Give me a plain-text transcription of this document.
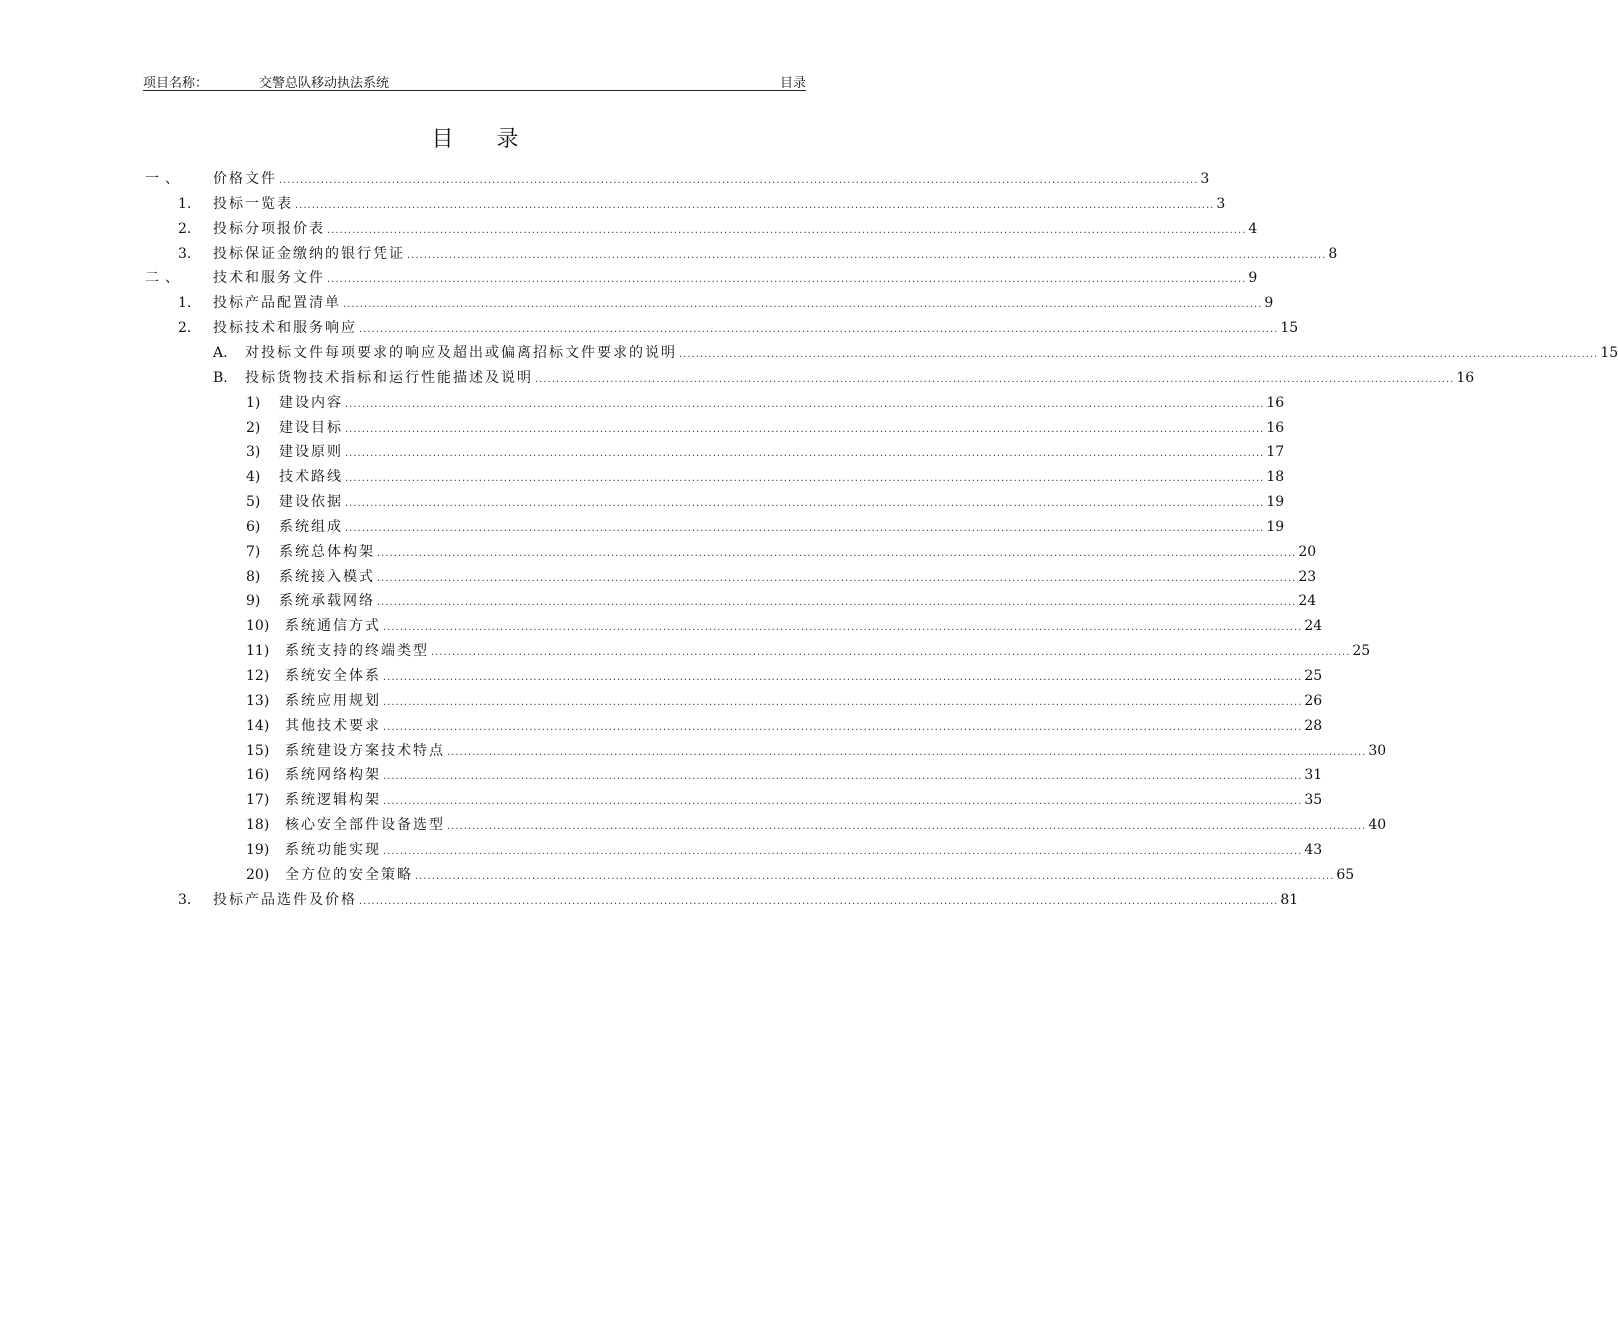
项目名称：	交警总队移动执法系统	目录
目 录
一、 价格文件 ............................................................................................................................................................................................................................ 3
1. 投标一览表 ............................................................................................................................................................................................................................ 3
2. 投标分项报价表 ............................................................................................................................................................................................................................ 4
3. 投标保证金缴纳的银行凭证 ............................................................................................................................................................................................................................ 8
二、 技术和服务文件 ............................................................................................................................................................................................................................ 9
1. 投标产品配置清单 ............................................................................................................................................................................................................................ 9
2. 投标技术和服务响应 ............................................................................................................................................................................................................................ 15
A. 对投标文件每项要求的响应及超出或偏离招标文件要求的说明 ............................................................................................................................................................................................................................ 15
B. 投标货物技术指标和运行性能描述及说明 ............................................................................................................................................................................................................................ 16
1) 建设内容 ............................................................................................................................................................................................................................ 16
2) 建设目标 ............................................................................................................................................................................................................................ 16
3) 建设原则 ............................................................................................................................................................................................................................ 17
4) 技术路线 ............................................................................................................................................................................................................................ 18
5) 建设依据 ............................................................................................................................................................................................................................ 19
6) 系统组成 ............................................................................................................................................................................................................................ 19
7) 系统总体构架 ............................................................................................................................................................................................................................ 20
8) 系统接入模式 ............................................................................................................................................................................................................................ 23
9) 系统承载网络 ............................................................................................................................................................................................................................ 24
10) 系统通信方式 ............................................................................................................................................................................................................................ 24
11) 系统支持的终端类型 ............................................................................................................................................................................................................................ 25
12) 系统安全体系 ............................................................................................................................................................................................................................ 25
13) 系统应用规划 ............................................................................................................................................................................................................................ 26
14) 其他技术要求 ............................................................................................................................................................................................................................ 28
15) 系统建设方案技术特点 ............................................................................................................................................................................................................................ 30
16) 系统网络构架 ............................................................................................................................................................................................................................ 31
17) 系统逻辑构架 ............................................................................................................................................................................................................................ 35
18) 核心安全部件设备选型 ............................................................................................................................................................................................................................ 40
19) 系统功能实现 ............................................................................................................................................................................................................................ 43
20) 全方位的安全策略 ............................................................................................................................................................................................................................ 65
3. 投标产品选件及价格 ............................................................................................................................................................................................................................ 81
